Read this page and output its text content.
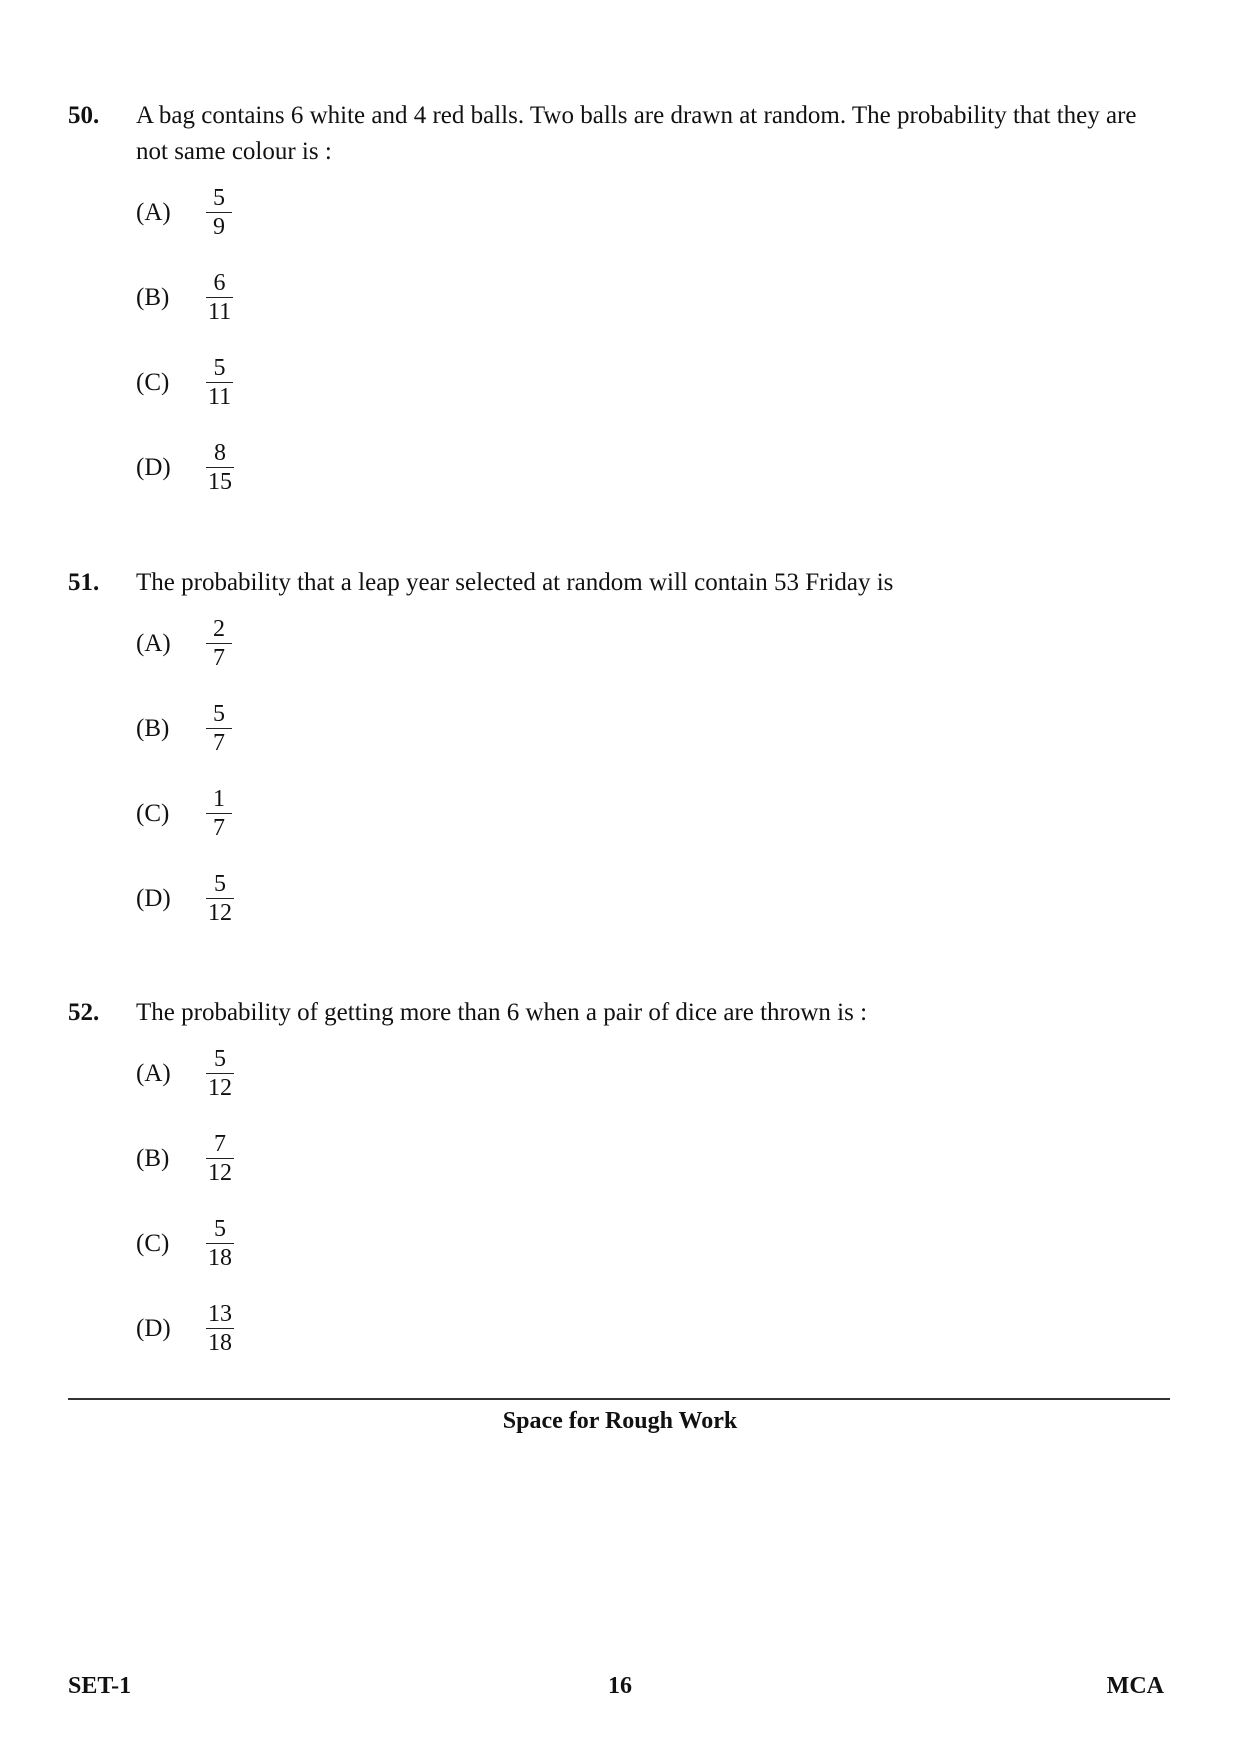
50.	A bag contains 6 white and 4 red balls. Two balls are drawn at random. The probability that they are not same colour is :
(A)	$\frac{5}{9}$
(B)	$\frac{6}{11}$
(C)	$\frac{5}{11}$
(D)	$\frac{8}{15}$
51.	The probability that a leap year selected at random will contain 53 Friday is
(A)	$\frac{2}{7}$
(B)	$\frac{5}{7}$
(C)	$\frac{1}{7}$
(D)	$\frac{5}{12}$
52.	The probability of getting more than 6 when a pair of dice are thrown is :
(A)	$\frac{5}{12}$
(B)	$\frac{7}{12}$
(C)	$\frac{5}{18}$
(D)	$\frac{13}{18}$
Space for Rough Work
SET-1	16	MCA
